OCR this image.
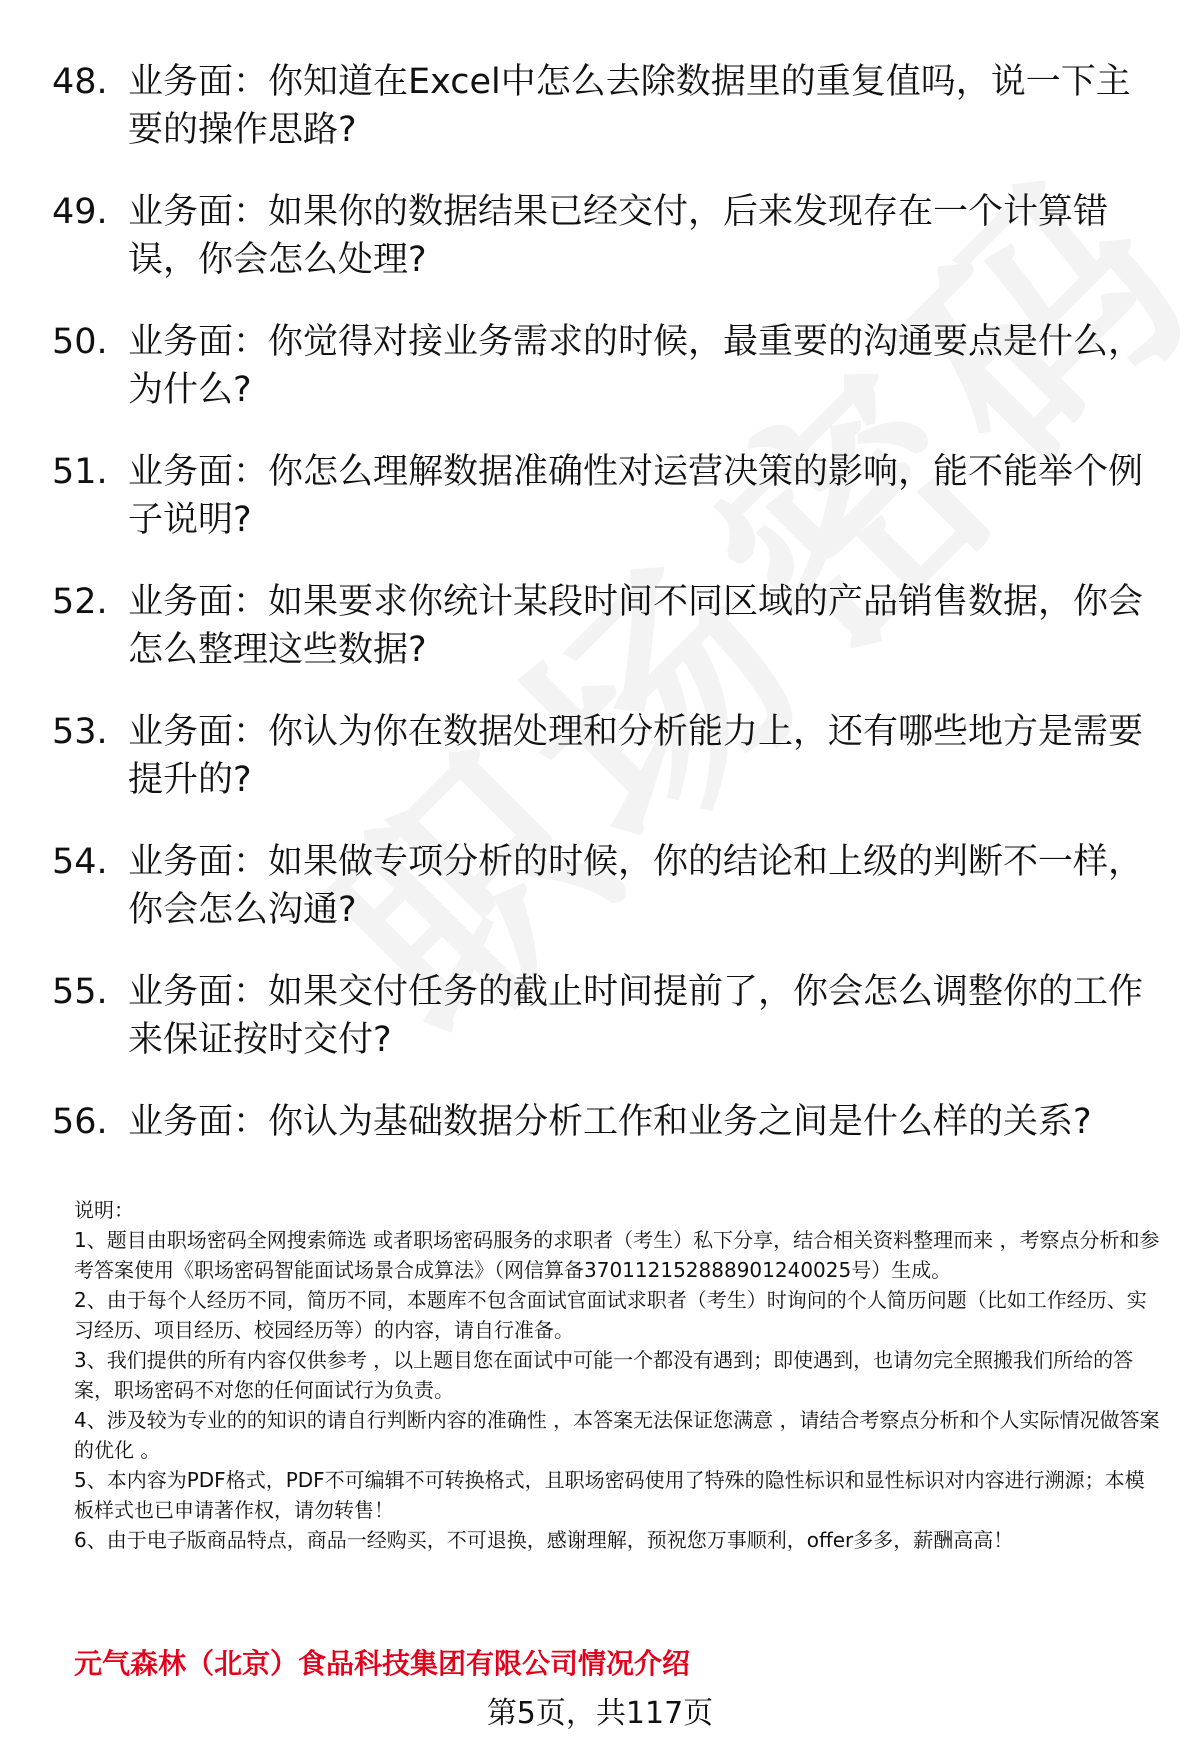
48. 业务面：你知道在Excel中怎么去除数据里的重复值吗，说一下主要的操作思路?
49. 业务面：如果你的数据结果已经交付，后来发现存在一个计算错误，你会怎么处理?
50. 业务面：你觉得对接业务需求的时候，最重要的沟通要点是什么，为什么?
51. 业务面：你怎么理解数据准确性对运营决策的影响，能不能举个例子说明?
52. 业务面：如果要求你统计某段时间不同区域的产品销售数据，你会怎么整理这些数据?
53. 业务面：你认为你在数据处理和分析能力上，还有哪些地方是需要提升的?
54. 业务面：如果做专项分析的时候，你的结论和上级的判断不一样，你会怎么沟通?
55. 业务面：如果交付任务的截止时间提前了，你会怎么调整你的工作来保证按时交付?
56. 业务面：你认为基础数据分析工作和业务之间是什么样的关系?

说明：

1、题目由职场密码全网搜索筛选 或者职场密码服务的求职者（考生）私下分享，结合相关资料整理而来 ，考察点分析和参考答案使用《职场密码智能面试场景合成算法》（网信算备370112152888901240025号）生成。

2、由于每个人经历不同，简历不同，本题库不包含面试官面试求职者（考生）时询问的个人简历问题（比如工作经历、实习经历、项目经历、校园经历等）的内容，请自行准备。

3、我们提供的所有内容仅供参考 ，以上题目您在面试中可能一个都没有遇到；即使遇到，也请勿完全照搬我们所给的答案，职场密码不对您的任何面试行为负责。

4、涉及较为专业的的知识的请自行判断内容的准确性 ，本答案无法保证您满意 ，请结合考察点分析和个人实际情况做答案的优化 。

5、本内容为PDF格式，PDF不可编辑不可转换格式，且职场密码使用了特殊的隐性标识和显性标识对内容进行溯源；本模板样式也已申请著作权，请勿转售！

6、由于电子版商品特点，商品一经购买，不可退换，感谢理解，预祝您万事顺利，offer多多，薪酬高高！

元气森林（北京）食品科技集团有限公司情况介绍
第5页，共117页
